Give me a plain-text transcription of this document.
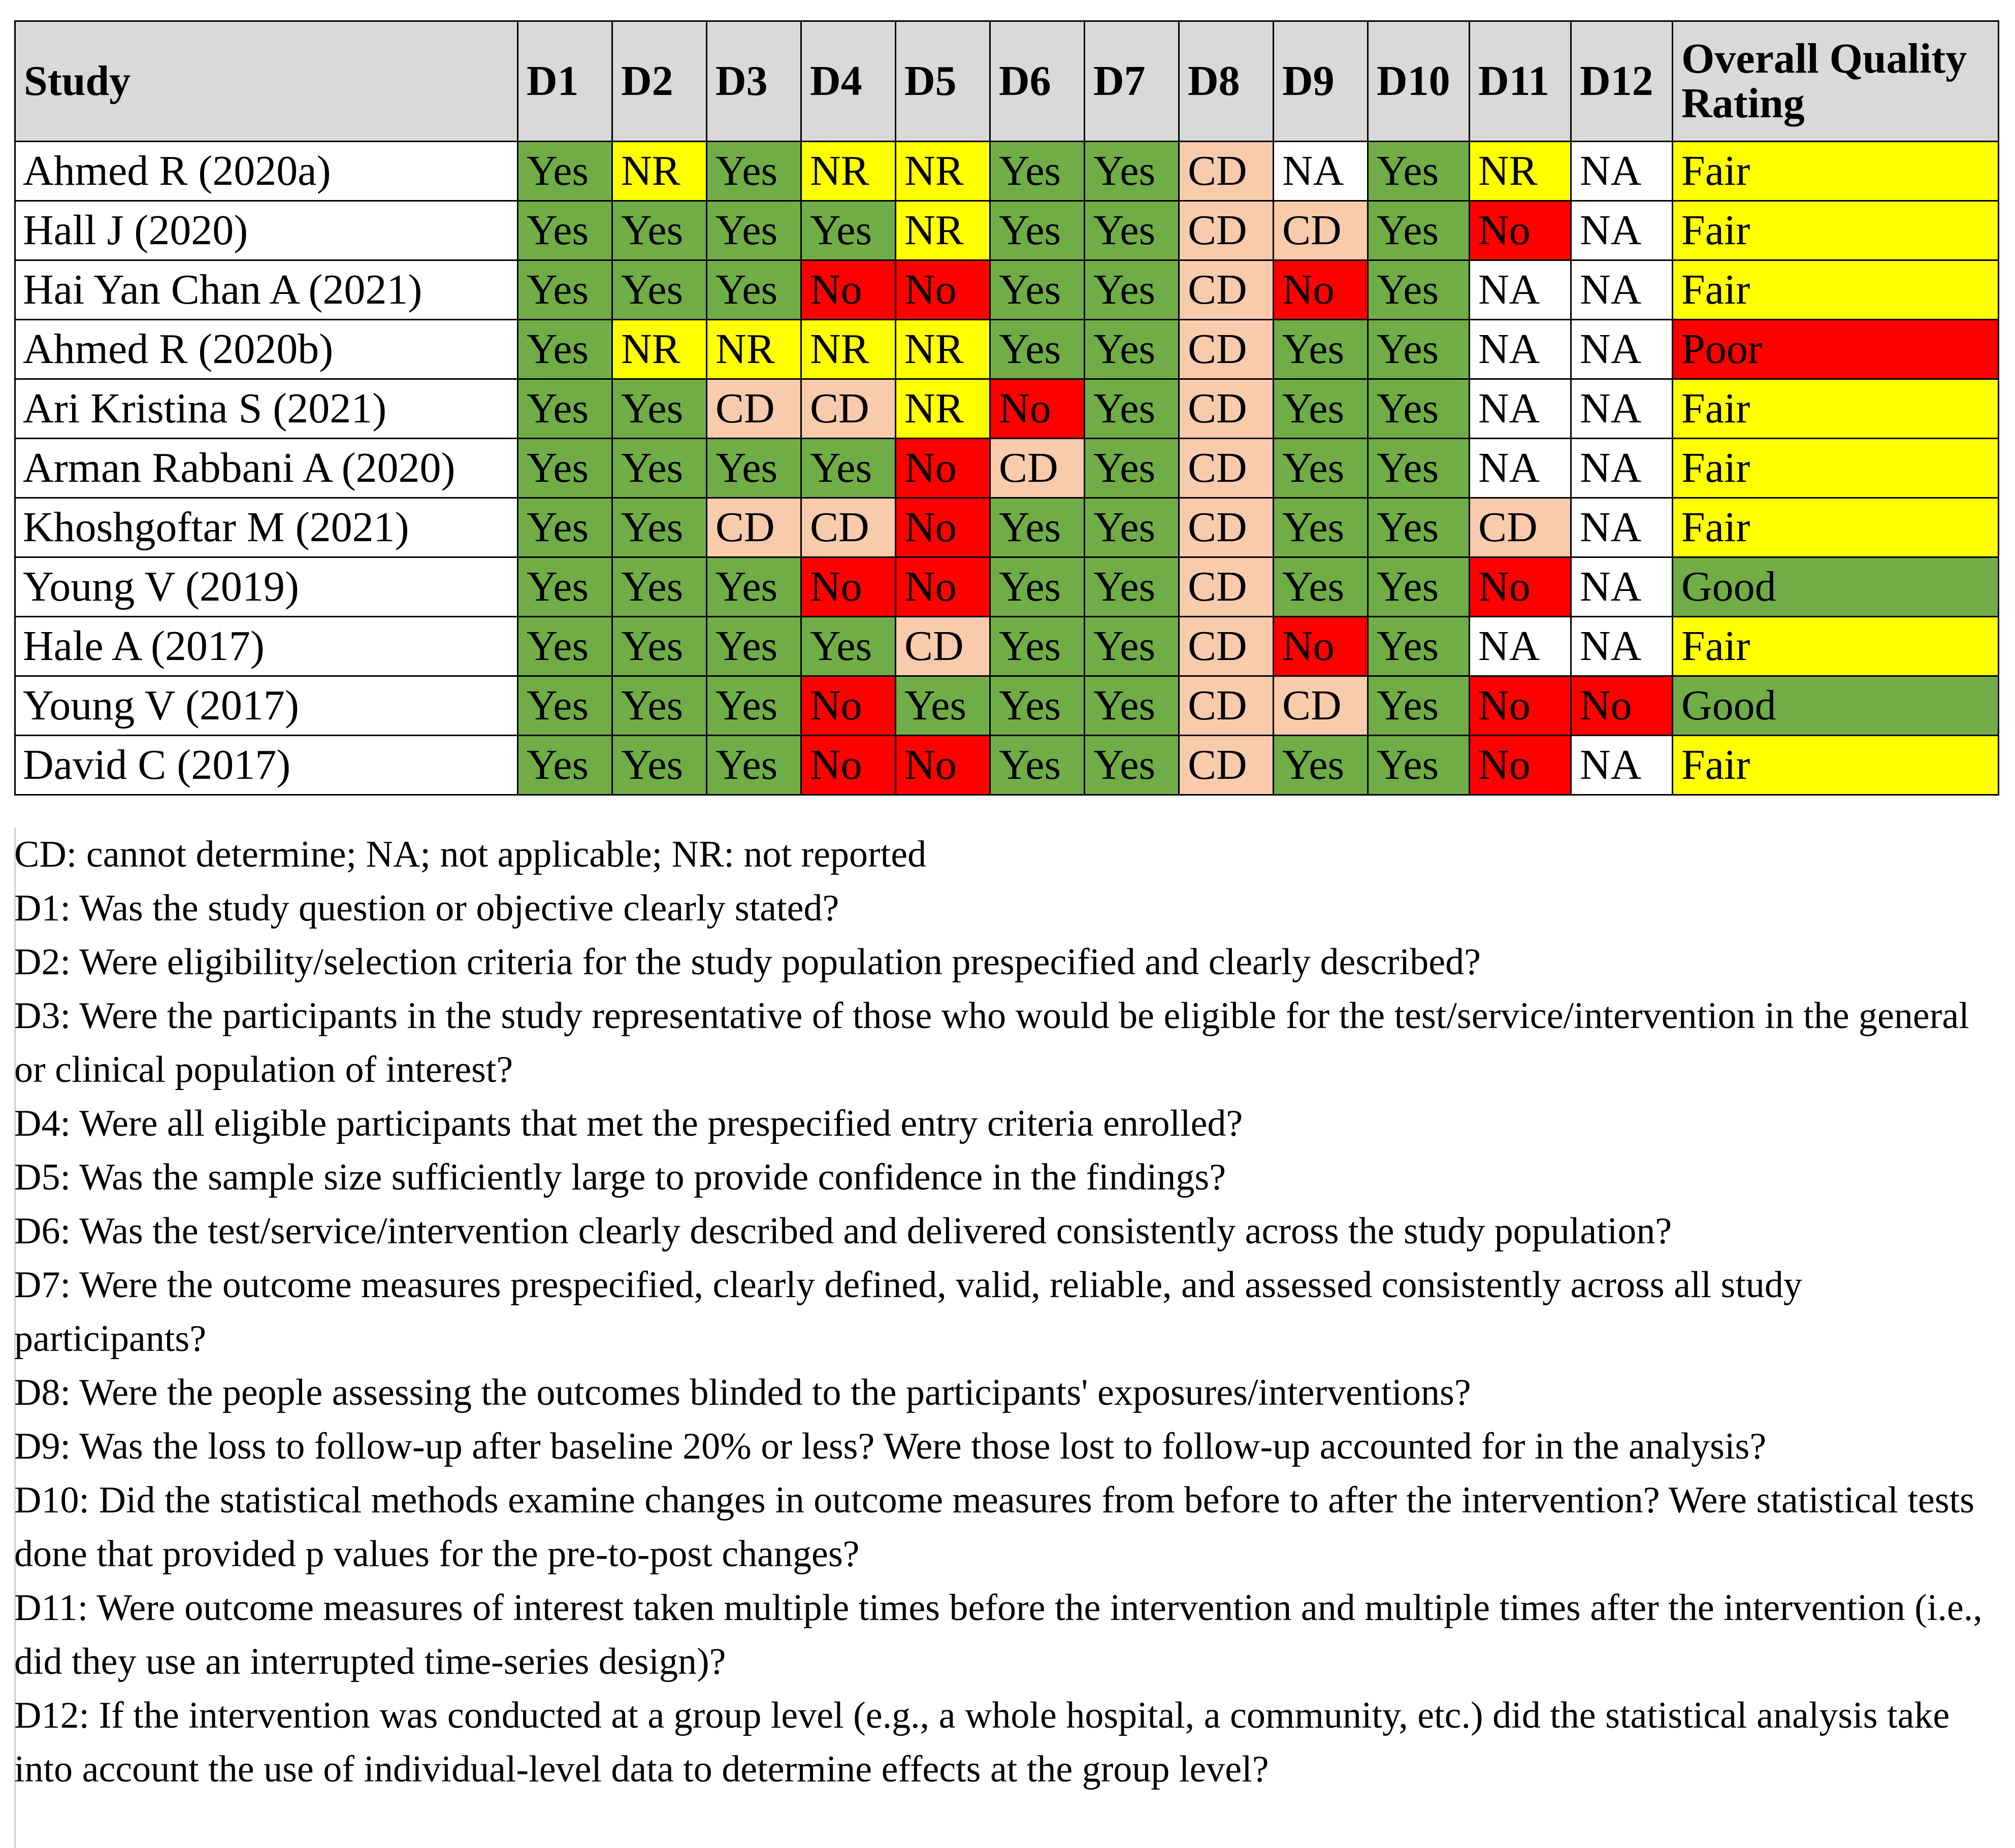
Study	D1	D2	D3	D4	D5	D6	D7	D8	D9	D10	D11	D12	Overall Quality Rating
Ahmed R (2020a)	Yes	NR	Yes	NR	NR	Yes	Yes	CD	NA	Yes	NR	NA	Fair
Hall J (2020)	Yes	Yes	Yes	Yes	NR	Yes	Yes	CD	CD	Yes	No	NA	Fair
Hai Yan Chan A (2021)	Yes	Yes	Yes	No	No	Yes	Yes	CD	No	Yes	NA	NA	Fair
Ahmed R (2020b)	Yes	NR	NR	NR	NR	Yes	Yes	CD	Yes	Yes	NA	NA	Poor
Ari Kristina S (2021)	Yes	Yes	CD	CD	NR	No	Yes	CD	Yes	Yes	NA	NA	Fair
Arman Rabbani A (2020)	Yes	Yes	Yes	Yes	No	CD	Yes	CD	Yes	Yes	NA	NA	Fair
Khoshgoftar M (2021)	Yes	Yes	CD	CD	No	Yes	Yes	CD	Yes	Yes	CD	NA	Fair
Young V (2019)	Yes	Yes	Yes	No	No	Yes	Yes	CD	Yes	Yes	No	NA	Good
Hale A (2017)	Yes	Yes	Yes	Yes	CD	Yes	Yes	CD	No	Yes	NA	NA	Fair
Young V (2017)	Yes	Yes	Yes	No	Yes	Yes	Yes	CD	CD	Yes	No	No	Good
David C (2017)	Yes	Yes	Yes	No	No	Yes	Yes	CD	Yes	Yes	No	NA	Fair

CD: cannot determine; NA; not applicable; NR: not reported

D1: Was the study question or objective clearly stated?

D2: Were eligibility/selection criteria for the study population prespecified and clearly described?

D3: Were the participants in the study representative of those who would be eligible for the test/service/intervention in the general or clinical population of interest?

D4: Were all eligible participants that met the prespecified entry criteria enrolled?

D5: Was the sample size sufficiently large to provide confidence in the findings?

D6: Was the test/service/intervention clearly described and delivered consistently across the study population?

D7: Were the outcome measures prespecified, clearly defined, valid, reliable, and assessed consistently across all study participants?

D8: Were the people assessing the outcomes blinded to the participants' exposures/interventions?

D9: Was the loss to follow-up after baseline 20% or less? Were those lost to follow-up accounted for in the analysis?

D10: Did the statistical methods examine changes in outcome measures from before to after the intervention? Were statistical tests done that provided p values for the pre-to-post changes?

D11: Were outcome measures of interest taken multiple times before the intervention and multiple times after the intervention (i.e., did they use an interrupted time-series design)?

D12: If the intervention was conducted at a group level (e.g., a whole hospital, a community, etc.) did the statistical analysis take into account the use of individual-level data to determine effects at the group level?
